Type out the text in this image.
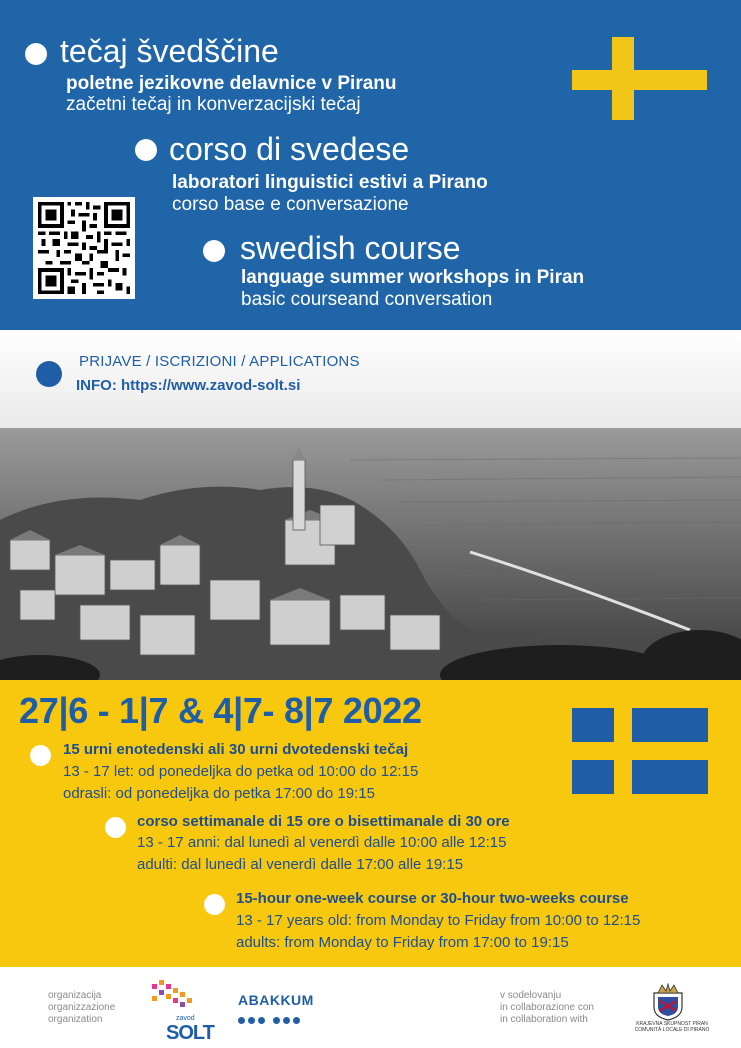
tečaj švedščine
poletne jezikovne delavnice v Piranu
začetni tečaj in konverzacijski tečaj
corso di svedese
laboratori linguistici estivi a Pirano
corso base e conversazione
swedish course
language summer workshops in Piran
basic courseand conversation
PRIJAVE / ISCRIZIONI / APPLICATIONS
INFO: https://www.zavod-solt.si
27|6 - 1|7 & 4|7- 8|7 2022
15 urni enotedenski ali 30 urni dvotedenski tečaj
13 - 17 let: od ponedeljka do petka od 10:00 do 12:15
odrasli: od ponedeljka do petka 17:00 do 19:15
corso settimanale di 15 ore o bisettimanale di 30 ore
13 - 17 anni: dal lunedì al venerdì dalle 10:00 alle 12:15
adulti: dal lunedì al venerdì dalle 17:00 alle 19:15
15-hour one-week course or 30-hour two-weeks course
13 - 17 years old: from Monday to Friday from 10:00 to 12:15
adults: from Monday to Friday from 17:00 to 19:15
organizacija
organizzazione
organization	zavod
SOLT
ABAKKUM	v sodelovanju
in collaborazione con
in collaboration with	KRAJEVNA SKUPNOST PIRAN
COMUNITÀ LOCALE DI PIRANO
